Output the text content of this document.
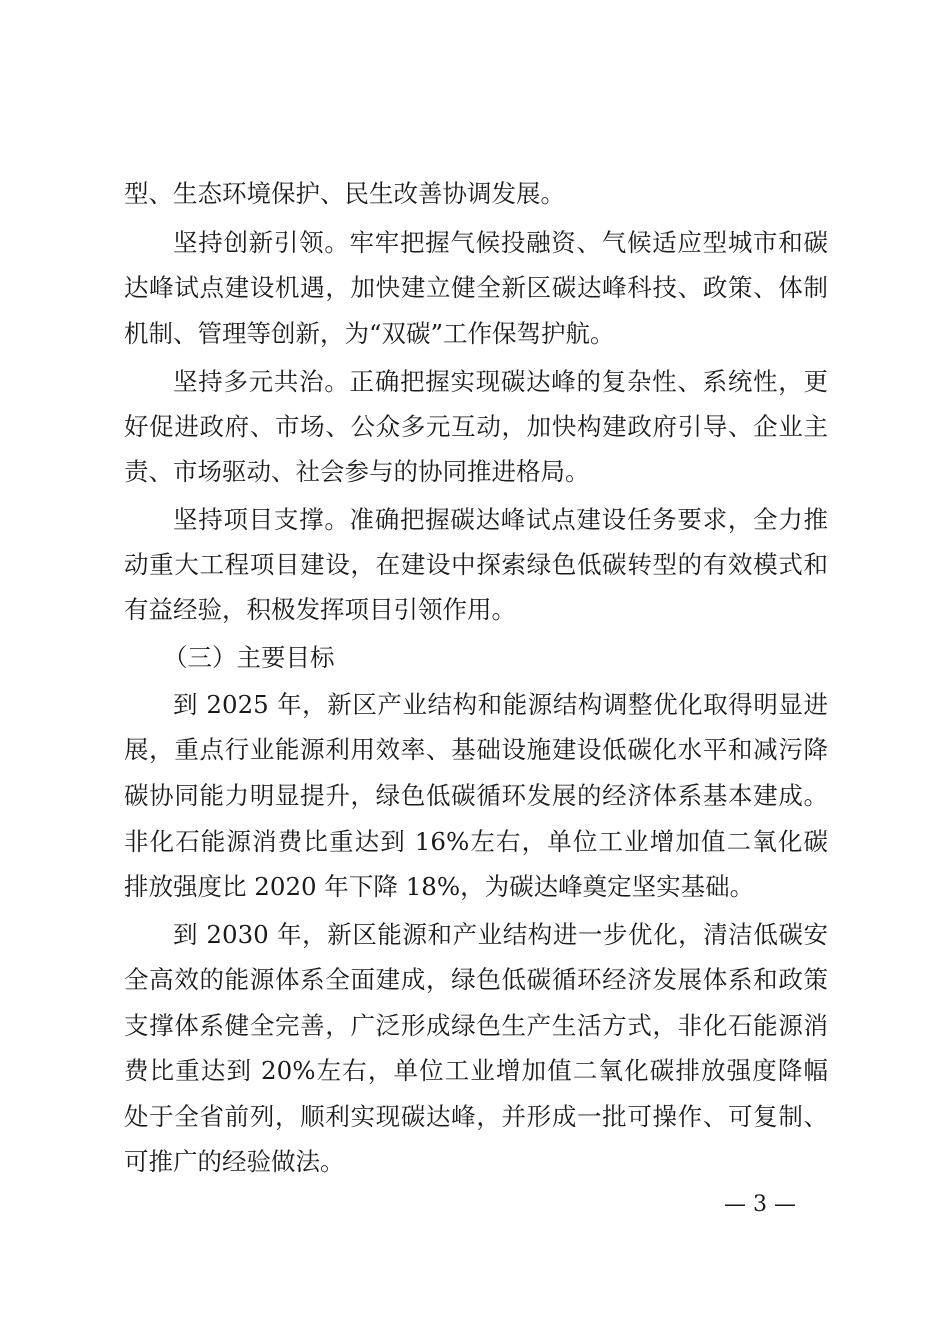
型、生态环境保护、民生改善协调发展。
坚持创新引领。牢牢把握气候投融资、气候适应型城市和碳
达峰试点建设机遇，加快建立健全新区碳达峰科技、政策、体制
机制、管理等创新，为“双碳”工作保驾护航。
坚持多元共治。正确把握实现碳达峰的复杂性、系统性，更
好促进政府、市场、公众多元互动，加快构建政府引导、企业主
责、市场驱动、社会参与的协同推进格局。
坚持项目支撑。准确把握碳达峰试点建设任务要求，全力推
动重大工程项目建设，在建设中探索绿色低碳转型的有效模式和
有益经验，积极发挥项目引领作用。
（三）主要目标
到 2025 年，新区产业结构和能源结构调整优化取得明显进
展，重点行业能源利用效率、基础设施建设低碳化水平和减污降
碳协同能力明显提升，绿色低碳循环发展的经济体系基本建成。
非化石能源消费比重达到 16%左右，单位工业增加值二氧化碳
排放强度比 2020 年下降 18%，为碳达峰奠定坚实基础。
到 2030 年，新区能源和产业结构进一步优化，清洁低碳安
全高效的能源体系全面建成，绿色低碳循环经济发展体系和政策
支撑体系健全完善，广泛形成绿色生产生活方式，非化石能源消
费比重达到 20%左右，单位工业增加值二氧化碳排放强度降幅
处于全省前列，顺利实现碳达峰，并形成一批可操作、可复制、
可推广的经验做法。
— 3 —
